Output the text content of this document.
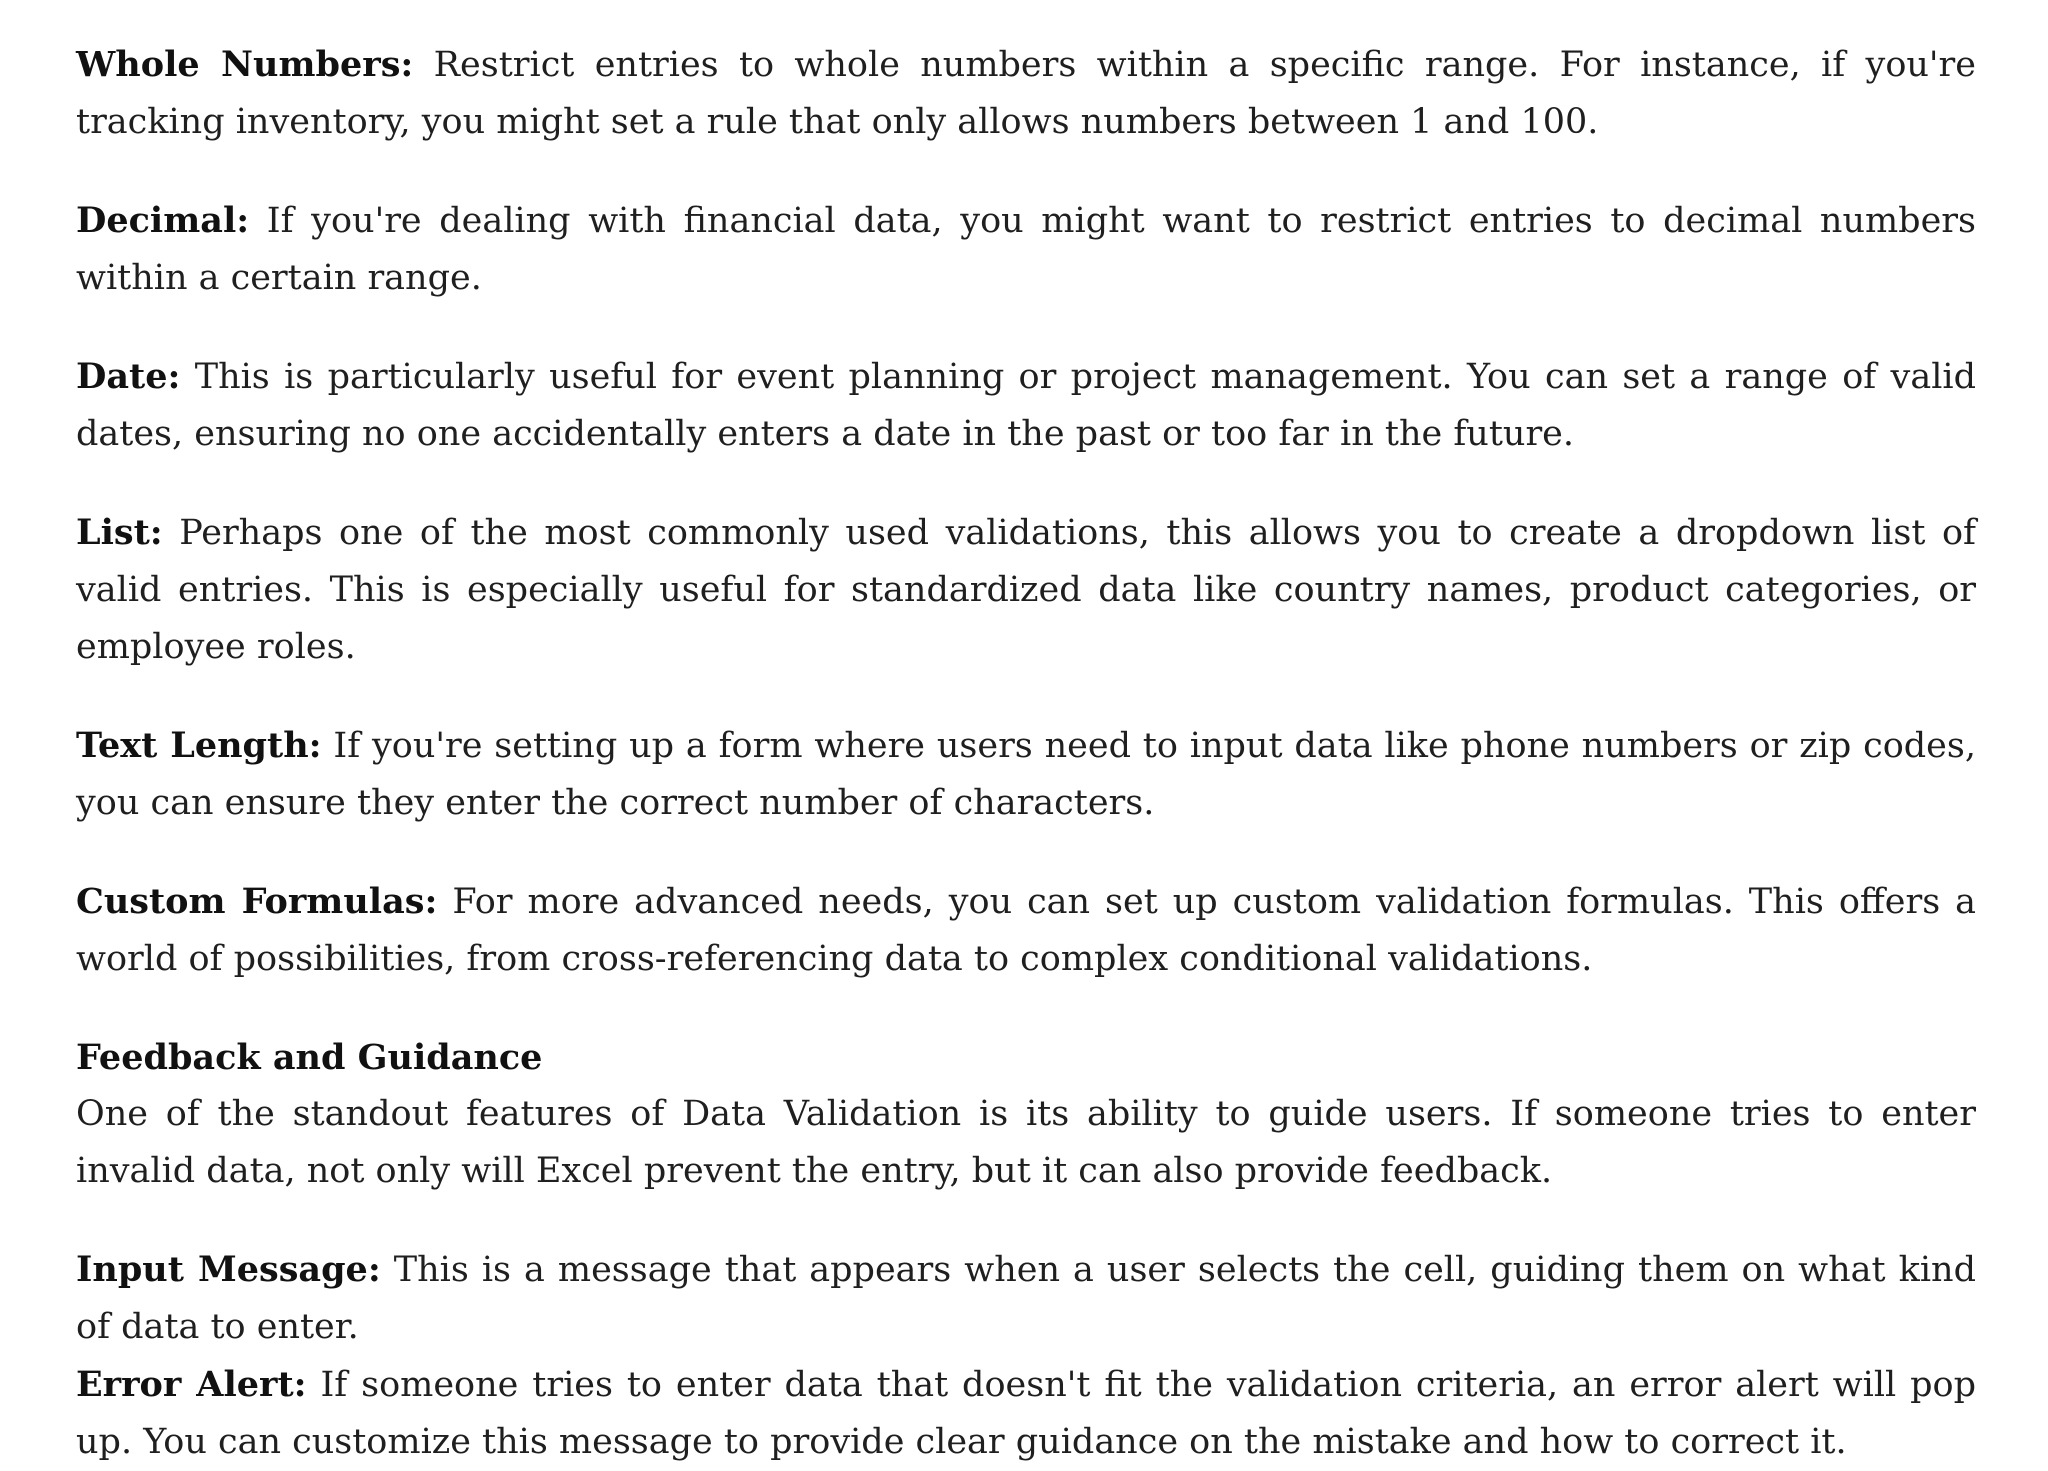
Whole Numbers: Restrict entries to whole numbers within a specific range. For instance, if you're tracking inventory, you might set a rule that only allows numbers between 1 and 100.

Decimal: If you're dealing with financial data, you might want to restrict entries to decimal numbers within a certain range.

Date: This is particularly useful for event planning or project management. You can set a range of valid dates, ensuring no one accidentally enters a date in the past or too far in the future.

List: Perhaps one of the most commonly used validations, this allows you to create a dropdown list of valid entries. This is especially useful for standardized data like country names, product categories, or employee roles.

Text Length: If you're setting up a form where users need to input data like phone numbers or zip codes, you can ensure they enter the correct number of characters.

Custom Formulas: For more advanced needs, you can set up custom validation formulas. This offers a world of possibilities, from cross-referencing data to complex conditional validations.

Feedback and Guidance
One of the standout features of Data Validation is its ability to guide users. If someone tries to enter invalid data, not only will Excel prevent the entry, but it can also provide feedback.

Input Message: This is a message that appears when a user selects the cell, guiding them on what kind of data to enter.
Error Alert: If someone tries to enter data that doesn't fit the validation criteria, an error alert will pop up. You can customize this message to provide clear guidance on the mistake and how to correct it.
